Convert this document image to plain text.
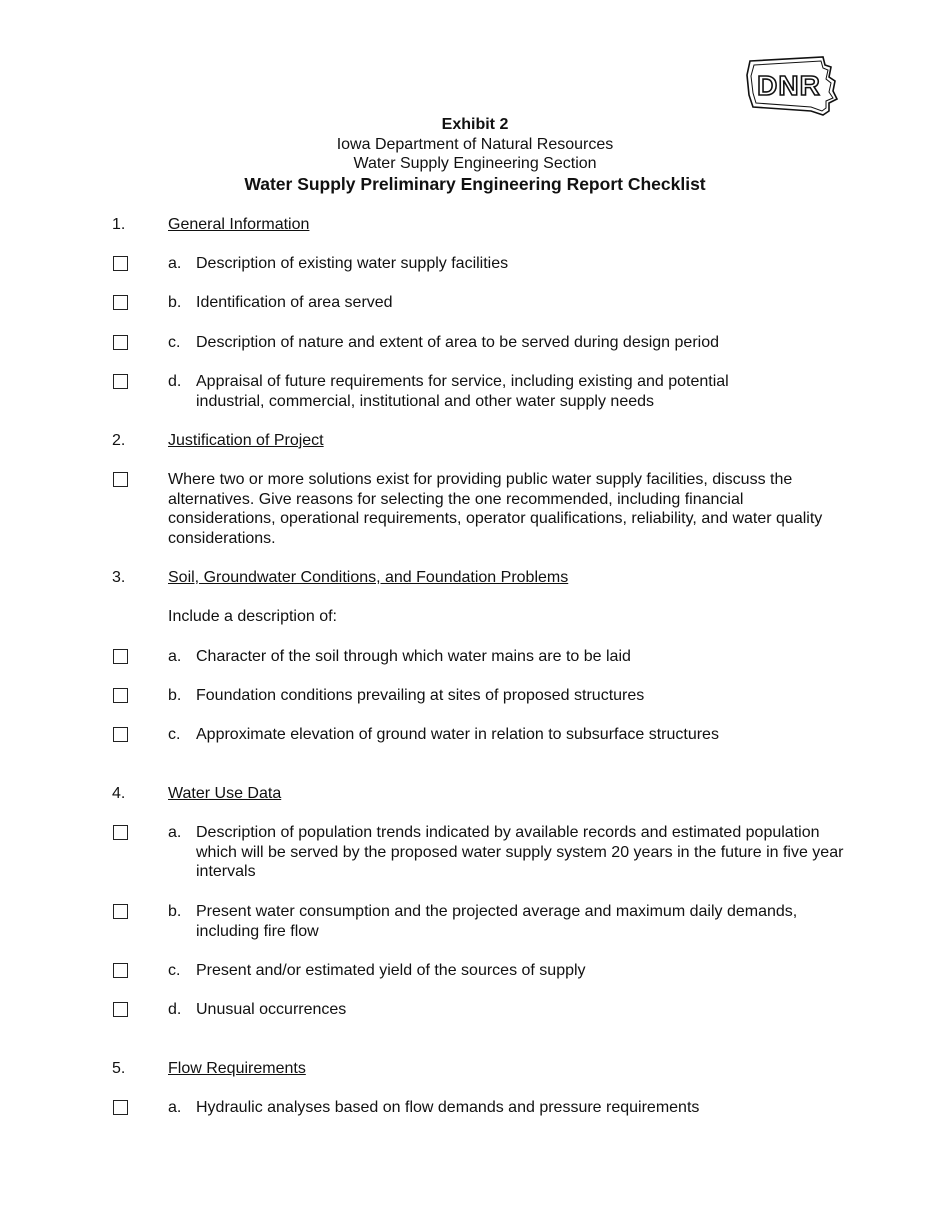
DNR
Exhibit 2
Iowa Department of Natural Resources
Water Supply Engineering Section
Water Supply Preliminary Engineering Report Checklist
1.	General Information
a. Description of existing water supply facilities
b. Identification of area served
c. Description of nature and extent of area to be served during design period
d. Appraisal of future requirements for service, including existing and potential industrial, commercial, institutional and other water supply needs
2.	Justification of Project
Where two or more solutions exist for providing public water supply facilities, discuss the alternatives. Give reasons for selecting the one recommended, including financial considerations, operational requirements, operator qualifications, reliability, and water quality considerations.
3.	Soil, Groundwater Conditions, and Foundation Problems
Include a description of:
a. Character of the soil through which water mains are to be laid
b. Foundation conditions prevailing at sites of proposed structures
c. Approximate elevation of ground water in relation to subsurface structures
4.	Water Use Data
a. Description of population trends indicated by available records and estimated population which will be served by the proposed water supply system 20 years in the future in five year intervals
b. Present water consumption and the projected average and maximum daily demands, including fire flow
c. Present and/or estimated yield of the sources of supply
d. Unusual occurrences
5.	Flow Requirements
a. Hydraulic analyses based on flow demands and pressure requirements
